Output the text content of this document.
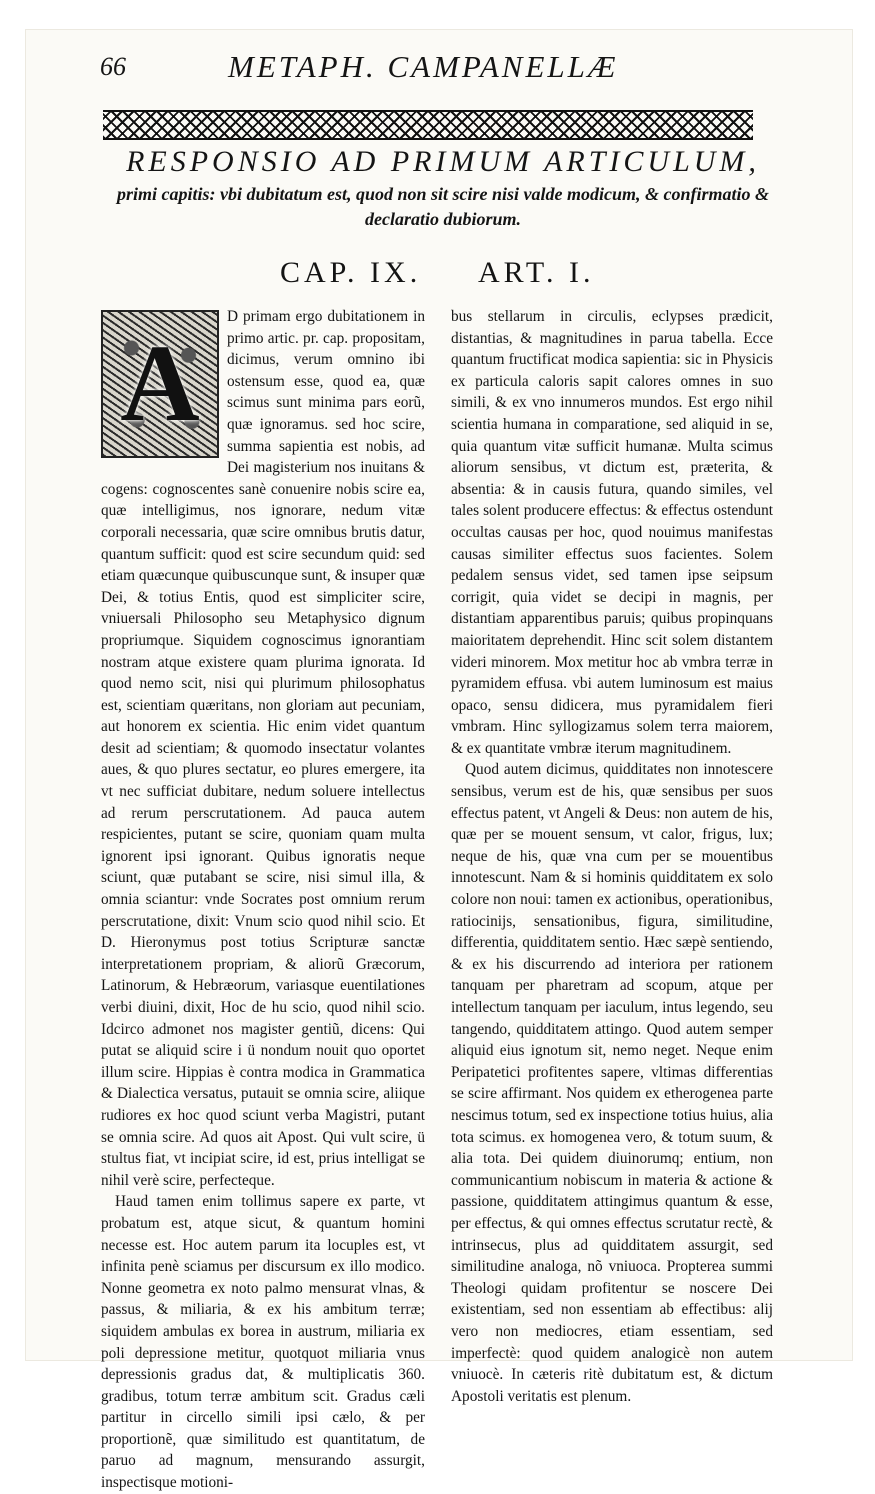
66	METAPH. CAMPANELLÆ
RESPONSIO AD PRIMUM ARTICULUM,

primi capitis: vbi dubitatum est, quod non sit scire nisi valde modicum, & confirmatio & declaratio dubiorum.

CAP. IX. ART. I.
A

D primam ergo dubitationem in primo artic. pr. cap. propositam, dicimus, verum omnino ibi ostensum esse, quod ea, quæ scimus sunt minima pars eorũ, quæ ignoramus. sed hoc scire, summa sapientia est nobis, ad Dei magisterium nos inuitans & cogens: cognoscentes sanè conuenire nobis scire ea, quæ intelligimus, nos ignorare, nedum vitæ corporali necessaria, quæ scire omnibus brutis datur, quantum sufficit: quod est scire secundum quid: sed etiam quæcunque quibuscunque sunt, & insuper quæ Dei, & totius Entis, quod est simpliciter scire, vniuersali Philosopho seu Metaphysico dignum propriumque. Siquidem cognoscimus ignorantiam nostram atque existere quam plurima ignorata. Id quod nemo scit, nisi qui plurimum philosophatus est, scientiam quæritans, non gloriam aut pecuniam, aut honorem ex scientia. Hic enim videt quantum desit ad scientiam; & quomodo insectatur volantes aues, & quo plures sectatur, eo plures emergere, ita vt nec sufficiat dubitare, nedum soluere intellectus ad rerum perscrutationem. Ad pauca autem respicientes, putant se scire, quoniam quam multa ignorent ipsi ignorant. Quibus ignoratis neque sciunt, quæ putabant se scire, nisi simul illa, & omnia sciantur: vnde Socrates post omnium rerum perscrutatione, dixit: Vnum scio quod nihil scio. Et D. Hieronymus post totius Scripturæ sanctæ interpretationem propriam, & aliorũ Græcorum, Latinorum, & Hebræorum, variasque euentilationes verbi diuini, dixit, Hoc de hu scio, quod nihil scio. Idcirco admonet nos magister gentiũ, dicens: Qui putat se aliquid scire i ü nondum nouit quo oportet illum scire. Hippias è contra modica in Grammatica & Dialectica versatus, putauit se omnia scire, aliique rudiores ex hoc quod sciunt verba Magistri, putant se omnia scire. Ad quos ait Apost. Qui vult scire, ü stultus fiat, vt incipiat scire, id est, prius intelligat se nihil verè scire, perfecteque.

Haud tamen enim tollimus sapere ex parte, vt probatum est, atque sicut, & quantum homini necesse est. Hoc autem parum ita locuples est, vt infinita penè sciamus per discursum ex illo modico. Nonne geometra ex noto palmo mensurat vlnas, & passus, & miliaria, & ex his ambitum terræ; siquidem ambulas ex borea in austrum, miliaria ex poli depressione metitur, quotquot miliaria vnus depressionis gradus dat, & multiplicatis 360. gradibus, totum terræ ambitum scit. Gradus cæli partitur in circello simili ipsi cælo, & per proportionẽ, quæ similitudo est quantitatum, de paruo ad magnum, mensurando assurgit, inspectisque motioni-

bus stellarum in circulis, eclypses prædicit, distantias, & magnitudines in parua tabella. Ecce quantum fructificat modica sapientia: sic in Physicis ex particula caloris sapit calores omnes in suo simili, & ex vno innumeros mundos. Est ergo nihil scientia humana in comparatione, sed aliquid in se, quia quantum vitæ sufficit humanæ. Multa scimus aliorum sensibus, vt dictum est, præterita, & absentia: & in causis futura, quando similes, vel tales solent producere effectus: & effectus ostendunt occultas causas per hoc, quod nouimus manifestas causas similiter effectus suos facientes. Solem pedalem sensus videt, sed tamen ipse seipsum corrigit, quia videt se decipi in magnis, per distantiam apparentibus paruis; quibus propinquans maioritatem deprehendit. Hinc scit solem distantem videri minorem. Mox metitur hoc ab vmbra terræ in pyramidem effusa. vbi autem luminosum est maius opaco, sensu didicera, mus pyramidalem fieri vmbram. Hinc syllogizamus solem terra maiorem, & ex quantitate vmbræ iterum magnitudinem.

Quod autem dicimus, quidditates non innotescere sensibus, verum est de his, quæ sensibus per suos effectus patent, vt Angeli & Deus: non autem de his, quæ per se mouent sensum, vt calor, frigus, lux; neque de his, quæ vna cum per se mouentibus innotescunt. Nam & si hominis quidditatem ex solo colore non noui: tamen ex actionibus, operationibus, ratiocinijs, sensationibus, figura, similitudine, differentia, quidditatem sentio. Hæc sæpè sentiendo, & ex his discurrendo ad interiora per rationem tanquam per pharetram ad scopum, atque per intellectum tanquam per iaculum, intus legendo, seu tangendo, quidditatem attingo. Quod autem semper aliquid eius ignotum sit, nemo neget. Neque enim Peripatetici profitentes sapere, vltimas differentias se scire affirmant. Nos quidem ex etherogenea parte nescimus totum, sed ex inspectione totius huius, alia tota scimus. ex homogenea vero, & totum suum, & alia tota. Dei quidem diuinorumq; entium, non communicantium nobiscum in materia & actione & passione, quidditatem attingimus quantum & esse, per effectus, & qui omnes effectus scrutatur rectè, & intrinsecus, plus ad quidditatem assurgit, sed similitudine analoga, nõ vniuoca. Propterea summi Theologi quidam profitentur se noscere Dei existentiam, sed non essentiam ab effectibus: alij vero non mediocres, etiam essentiam, sed imperfectè: quod quidem analogicè non autem vniuocè. In cæteris ritè dubitatum est, & dictum Apostoli veritatis est plenum.
